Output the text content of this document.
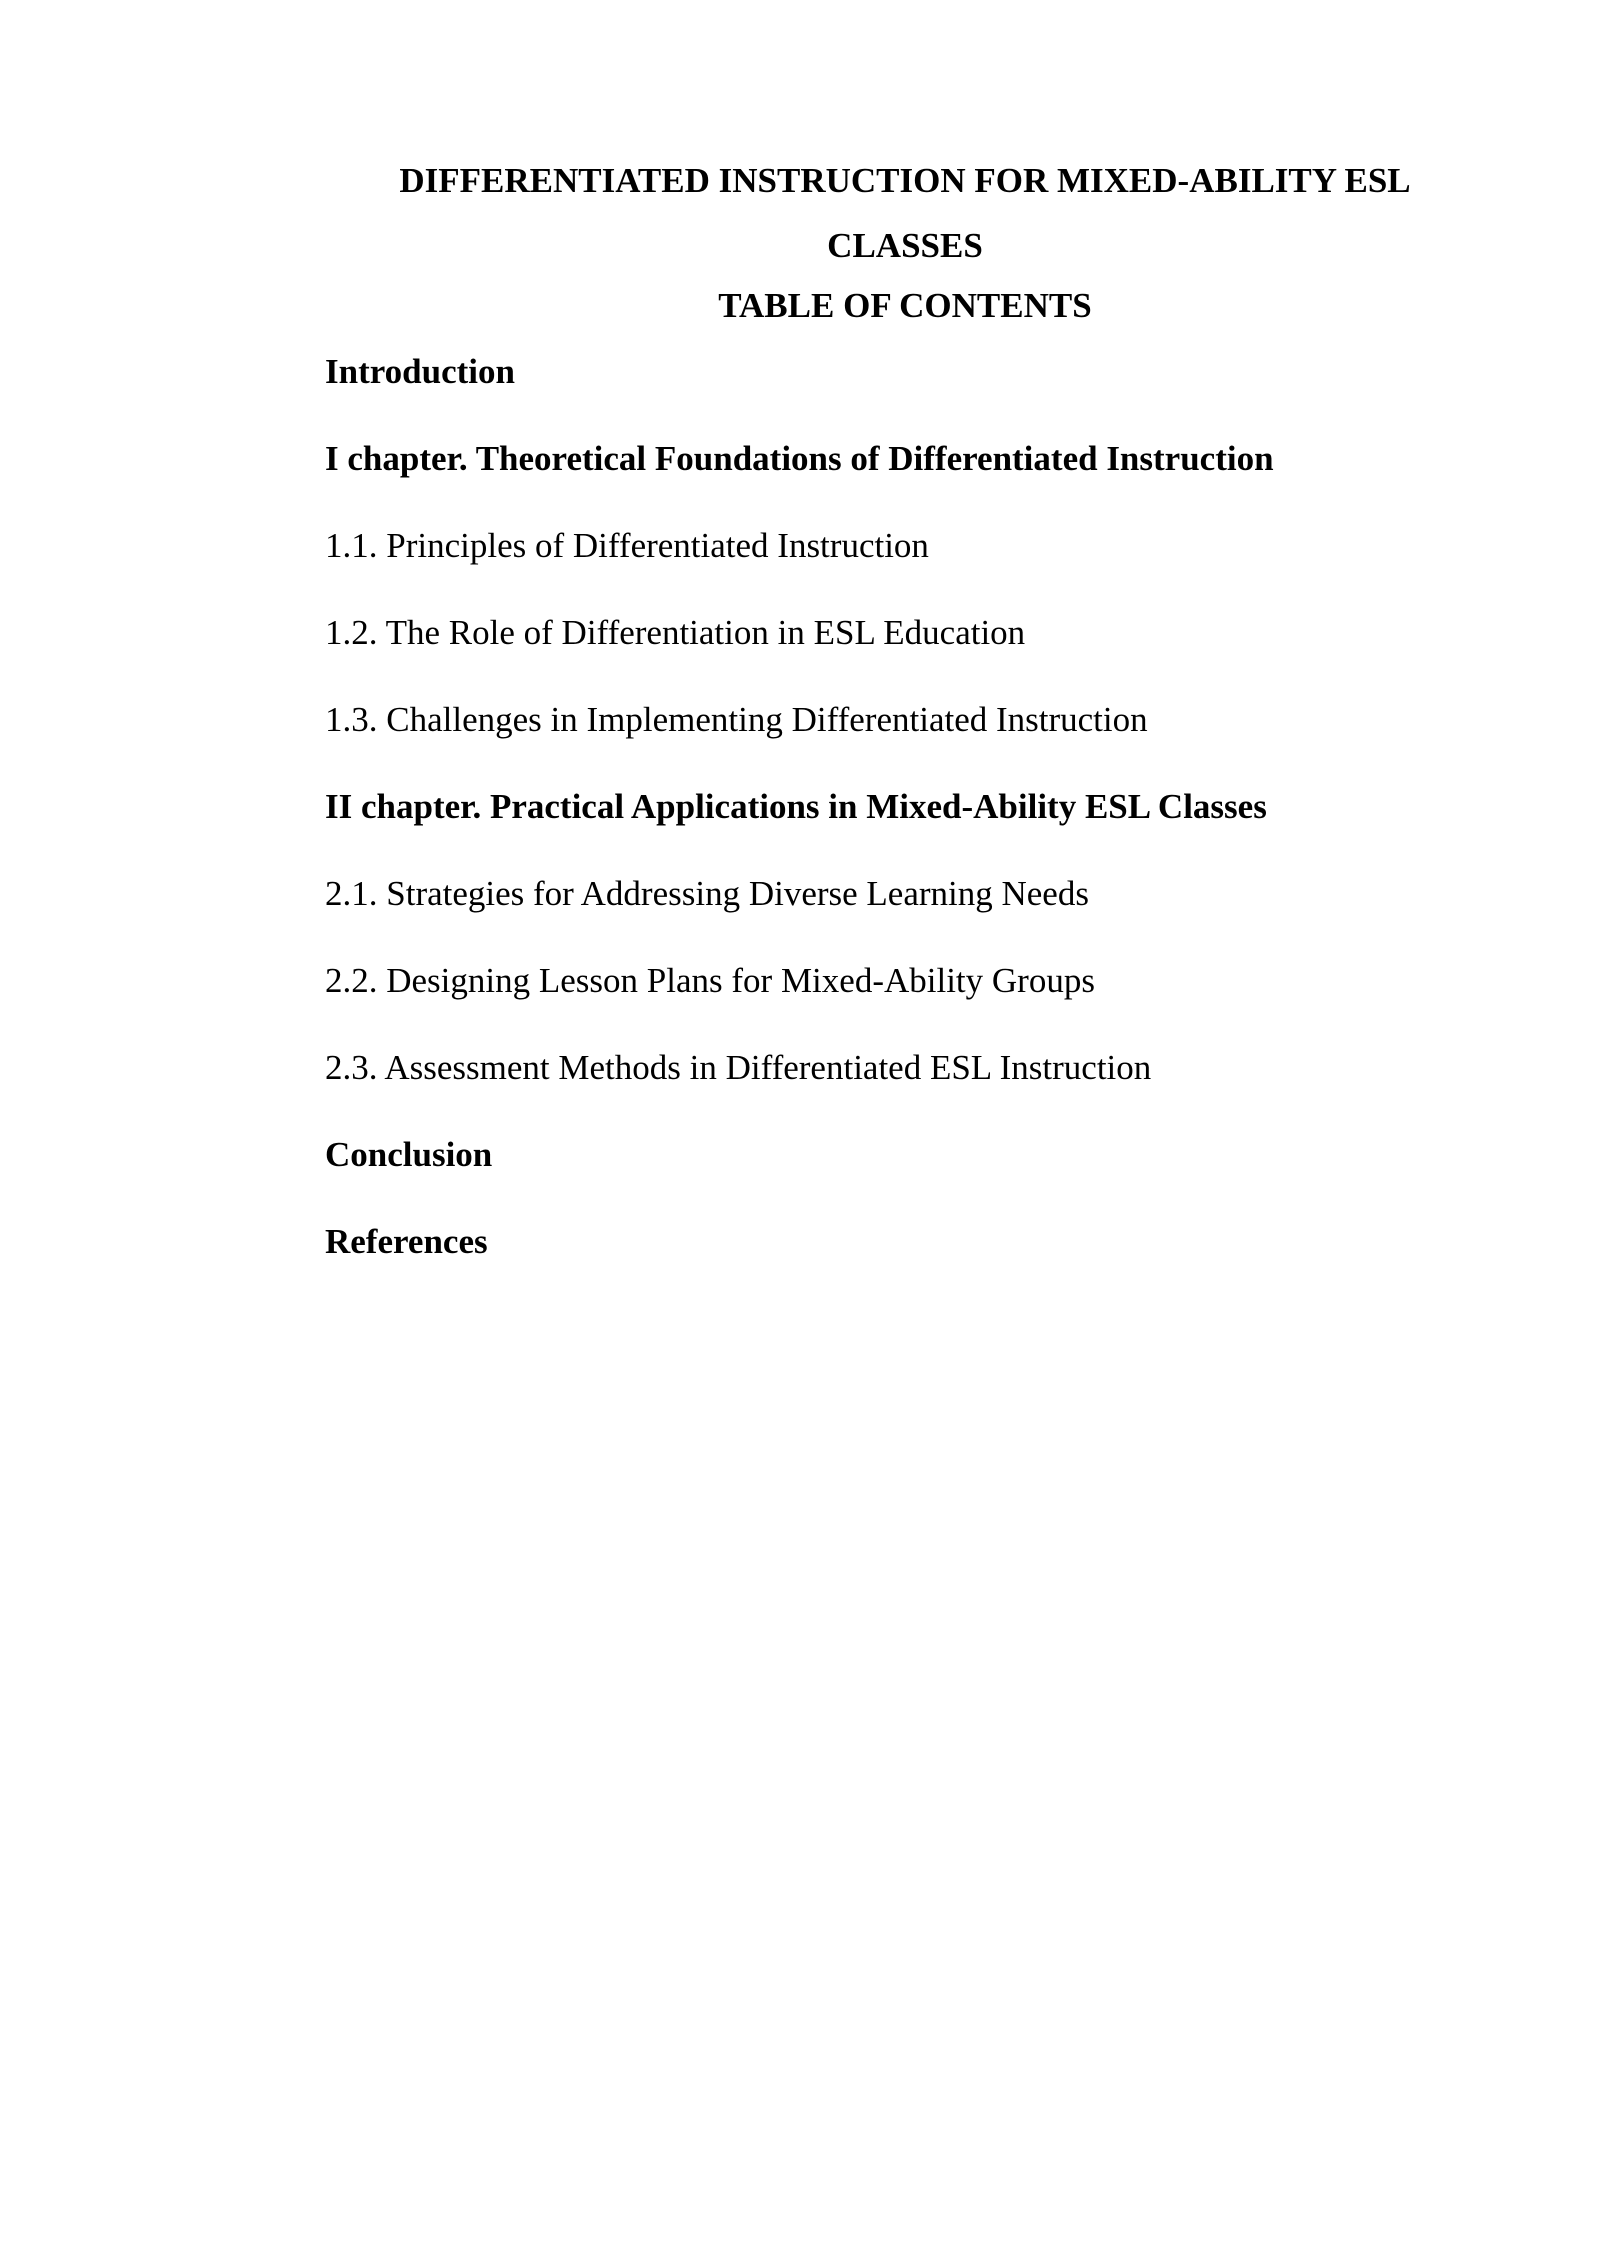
DIFFERENTIATED INSTRUCTION FOR MIXED-ABILITY ESL
CLASSES
TABLE OF CONTENTS
Introduction
I chapter. Theoretical Foundations of Differentiated Instruction
1.1. Principles of Differentiated Instruction
1.2. The Role of Differentiation in ESL Education
1.3. Challenges in Implementing Differentiated Instruction
II chapter. Practical Applications in Mixed-Ability ESL Classes
2.1. Strategies for Addressing Diverse Learning Needs
2.2. Designing Lesson Plans for Mixed-Ability Groups
2.3. Assessment Methods in Differentiated ESL Instruction
Conclusion
References
